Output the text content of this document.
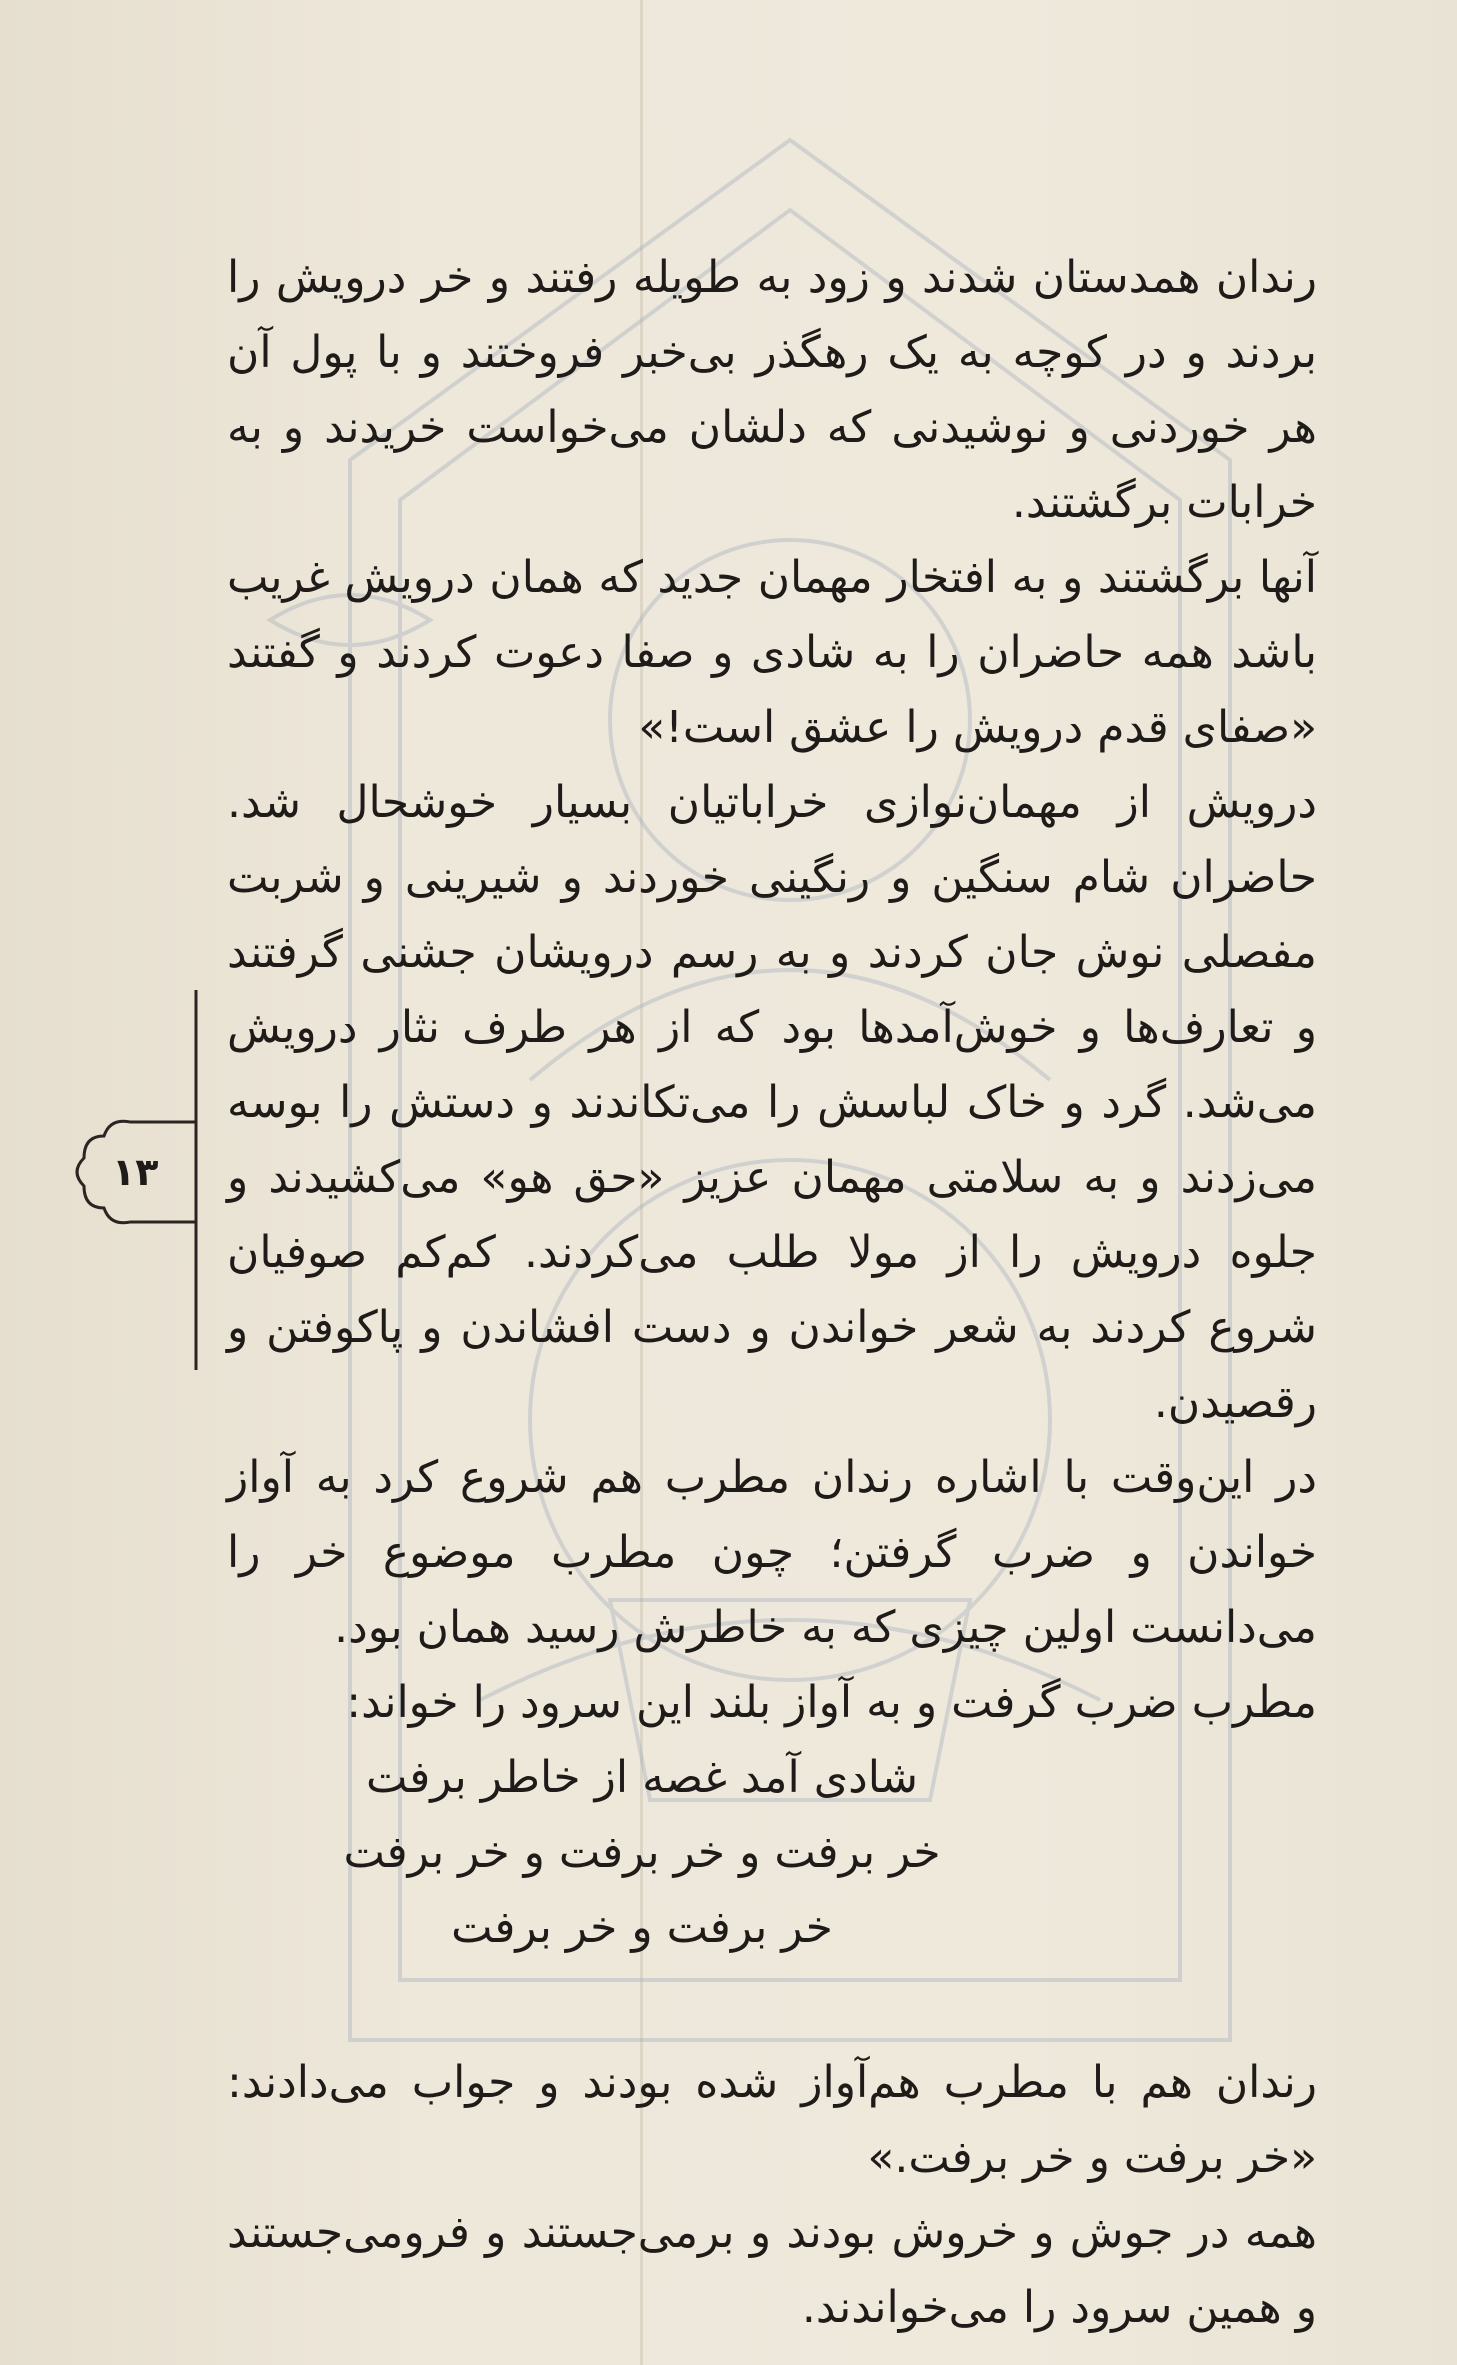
رندان همدستان شدند و زود به طویله رفتند و خر درویش را بردند و در کوچه به یک رهگذر بی‌خبر فروختند و با پول آن هر خوردنی و نوشیدنی که دلشان می‌خواست خریدند و به خرابات برگشتند.

آنها برگشتند و به افتخار مهمان جدید که همان درویش غریب باشد همه حاضران را به شادی و صفا دعوت کردند و گفتند «صفای قدم درویش را عشق است!»

درویش از مهمان‌نوازی خراباتیان بسیار خوشحال شد. حاضران شام سنگین و رنگینی خوردند و شیرینی و شربت مفصلی نوش جان کردند و به رسم درویشان جشنی گرفتند و تعارف‌ها و خوش‌آمدها بود که از هر طرف نثار درویش می‌شد. گرد و خاک لباسش را می‌تکاندند و دستش را بوسه می‌زدند و به سلامتی مهمان عزیز «حق هو» می‌کشیدند و جلوه درویش را از مولا طلب می‌کردند. کم‌کم صوفیان شروع کردند به شعر خواندن و دست افشاندن و پاکوفتن و رقصیدن.

در این‌وقت با اشاره رندان مطرب هم شروع کرد به آواز خواندن و ضرب گرفتن؛ چون مطرب موضوع خر را می‌دانست اولین چیزی که به خاطرش رسید همان بود.

مطرب ضرب گرفت و به آواز بلند این سرود را خواند:

شادی آمد غصه از خاطر برفت

خر برفت و خر برفت و خر برفت

خر برفت و خر برفت

رندان هم با مطرب هم‌آواز شده بودند و جواب می‌دادند: «خر برفت و خر برفت.»

همه در جوش و خروش بودند و برمی‌جستند و فرومی‌جستند و همین سرود را می‌خواندند.

۱۳
